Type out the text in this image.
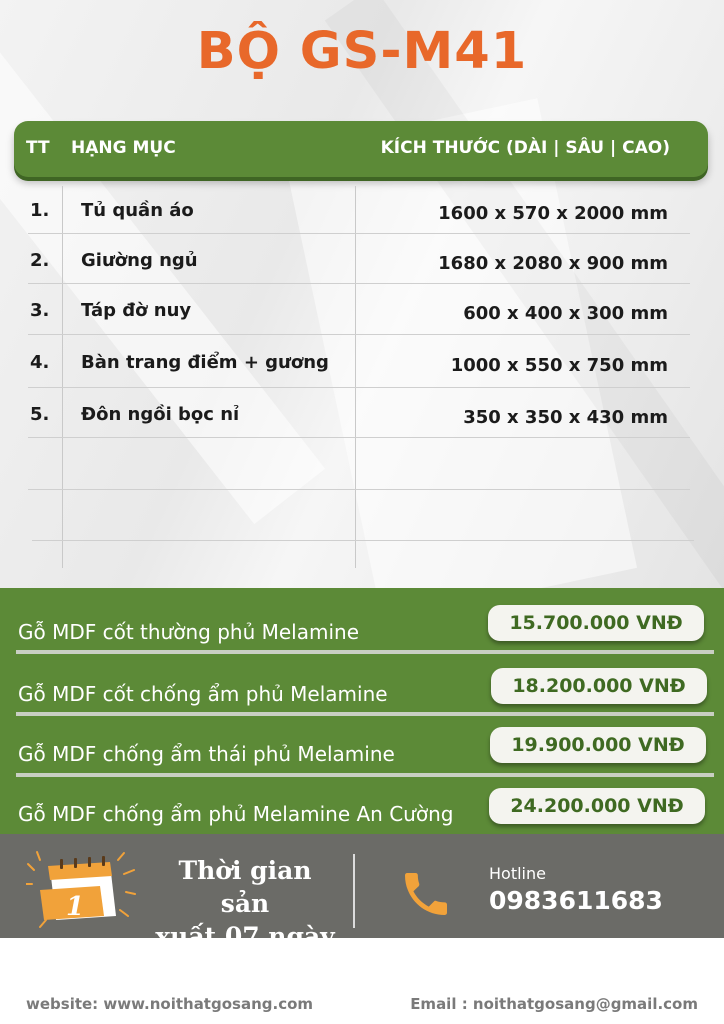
BỘ GS-M41
TT HẠNG MỤC	KÍCH THƯỚC (DÀI | SÂU | CAO)
1. Tủ quần áo	1600 x 570 x 2000 mm
2. Giường ngủ	1680 x 2080 x 900 mm
3. Táp đờ nuy	600 x 400 x 300 mm
4. Bàn trang điểm + gương	1000 x 550 x 750 mm
5. Đôn ngồi bọc nỉ	350 x 350 x 430 mm
Gỗ MDF cốt thường phủ Melamine	15.700.000 VNĐ
Gỗ MDF cốt chống ẩm phủ Melamine	18.200.000 VNĐ
Gỗ MDF chống ẩm thái phủ Melamine	19.900.000 VNĐ
Gỗ MDF chống ẩm phủ Melamine An Cường	24.200.000 VNĐ
1
Thời gian sản
xuất 07 ngày
Hotline
0983611683
website: www.noithatgosang.com	Email : noithatgosang@gmail.com
